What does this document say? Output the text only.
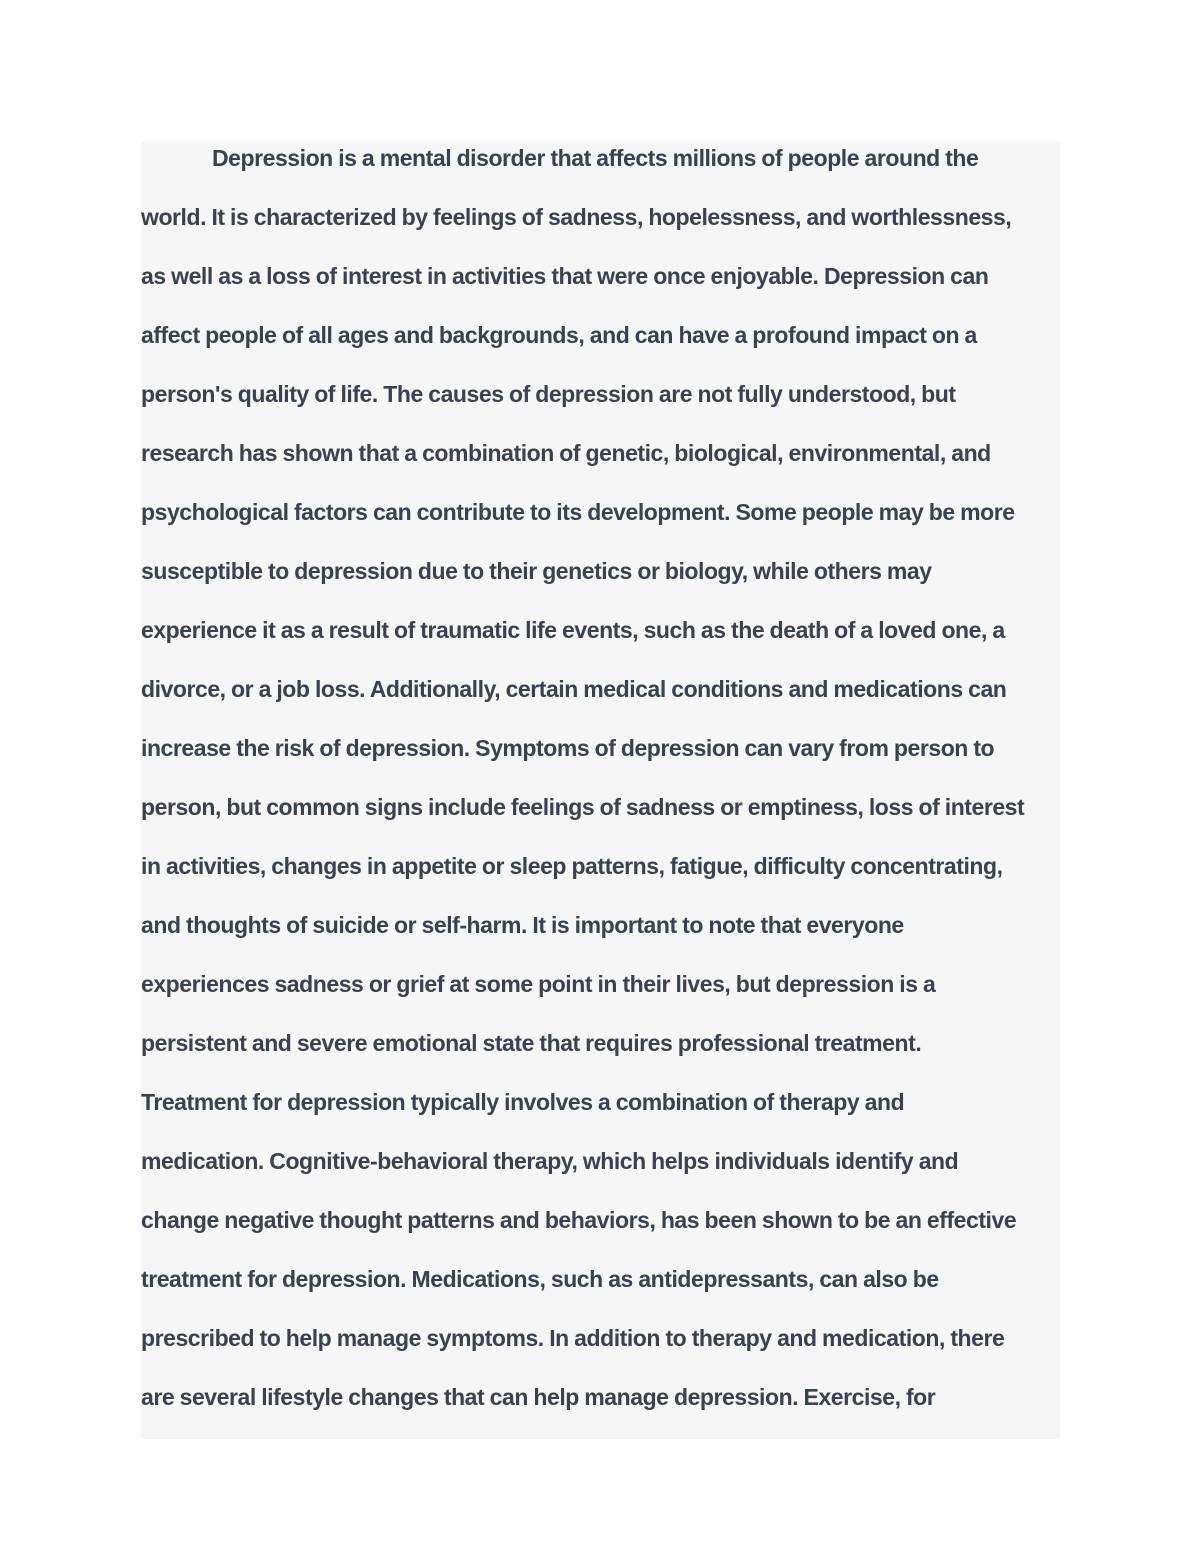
Depression is a mental disorder that affects millions of people around the
world. It is characterized by feelings of sadness, hopelessness, and worthlessness,
as well as a loss of interest in activities that were once enjoyable. Depression can
affect people of all ages and backgrounds, and can have a profound impact on a
person's quality of life. The causes of depression are not fully understood, but
research has shown that a combination of genetic, biological, environmental, and
psychological factors can contribute to its development. Some people may be more
susceptible to depression due to their genetics or biology, while others may
experience it as a result of traumatic life events, such as the death of a loved one, a
divorce, or a job loss. Additionally, certain medical conditions and medications can
increase the risk of depression. Symptoms of depression can vary from person to
person, but common signs include feelings of sadness or emptiness, loss of interest
in activities, changes in appetite or sleep patterns, fatigue, difficulty concentrating,
and thoughts of suicide or self-harm. It is important to note that everyone
experiences sadness or grief at some point in their lives, but depression is a
persistent and severe emotional state that requires professional treatment.
Treatment for depression typically involves a combination of therapy and
medication. Cognitive-behavioral therapy, which helps individuals identify and
change negative thought patterns and behaviors, has been shown to be an effective
treatment for depression. Medications, such as antidepressants, can also be
prescribed to help manage symptoms. In addition to therapy and medication, there
are several lifestyle changes that can help manage depression. Exercise, for
